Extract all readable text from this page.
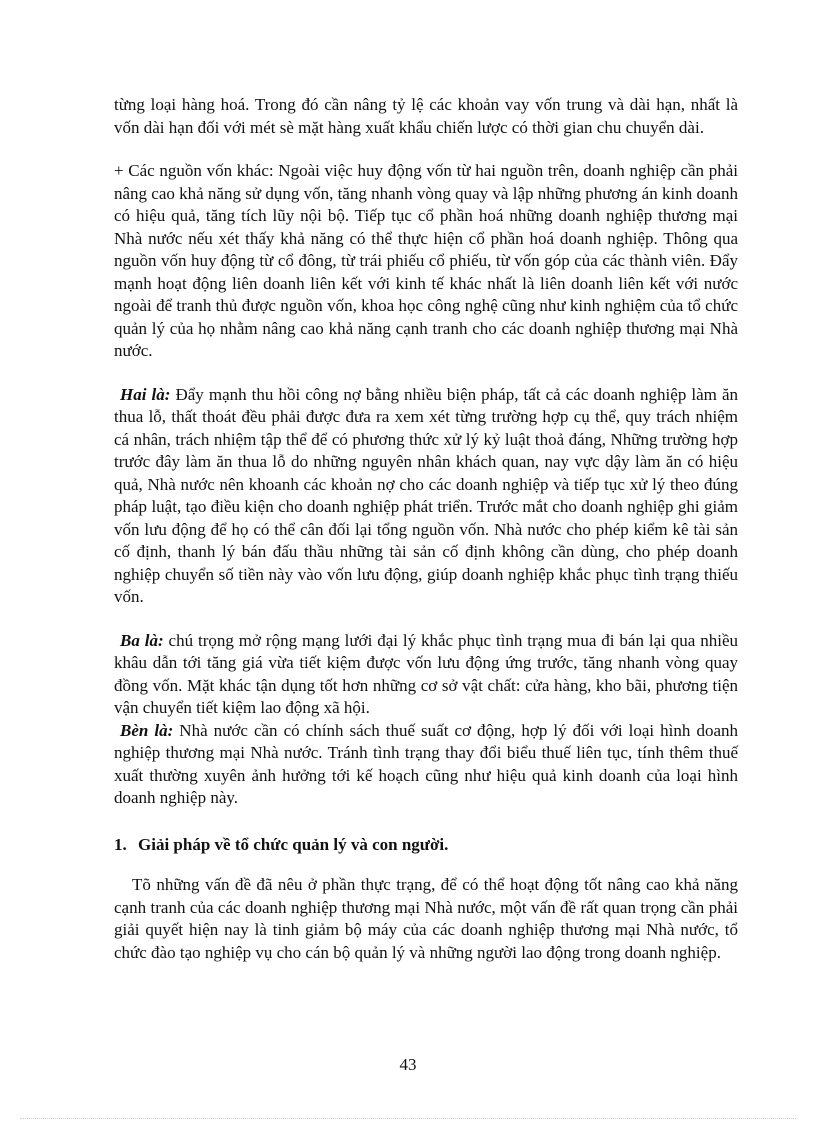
từng loại hàng hoá. Trong đó cần nâng tỷ lệ các khoản vay vốn trung và dài hạn, nhất là vốn dài hạn đối với mét sè mặt hàng xuất khẩu chiến lược có thời gian chu chuyển dài.

+ Các nguồn vốn khác: Ngoài việc huy động vốn từ hai nguồn trên, doanh nghiệp cần phải nâng cao khả năng sử dụng vốn, tăng nhanh vòng quay và lập những phương án kinh doanh có hiệu quả, tăng tích lũy nội bộ. Tiếp tục cổ phần hoá những doanh nghiệp thương mại Nhà nước nếu xét thấy khả năng có thể thực hiện cổ phần hoá doanh nghiệp. Thông qua nguồn vốn huy động từ cổ đông, từ trái phiếu cổ phiếu, từ vốn góp của các thành viên. Đẩy mạnh hoạt động liên doanh liên kết với kinh tế khác nhất là liên doanh liên kết với nước ngoài để tranh thủ được nguồn vốn, khoa học công nghệ cũng như kinh nghiệm của tổ chức quản lý của họ nhằm nâng cao khả năng cạnh tranh cho các doanh nghiệp thương mại Nhà nước.

Hai là: Đẩy mạnh thu hồi công nợ bằng nhiều biện pháp, tất cả các doanh nghiệp làm ăn thua lỗ, thất thoát đều phải được đưa ra xem xét từng trường hợp cụ thể, quy trách nhiệm cá nhân, trách nhiệm tập thể để có phương thức xử lý kỷ luật thoả đáng, Những trường hợp trước đây làm ăn thua lỗ do những nguyên nhân khách quan, nay vực dậy làm ăn có hiệu quả, Nhà nước nên khoanh các khoản nợ cho các doanh nghiệp và tiếp tục xử lý theo đúng pháp luật, tạo điều kiện cho doanh nghiệp phát triển. Trước mắt cho doanh nghiệp ghi giảm vốn lưu động để họ có thể cân đối lại tổng nguồn vốn. Nhà nước cho phép kiểm kê tài sản cố định, thanh lý bán đấu thầu những tài sản cố định không cần dùng, cho phép doanh nghiệp chuyển số tiền này vào vốn lưu động, giúp doanh nghiệp khắc phục tình trạng thiếu vốn.

Ba là: chú trọng mở rộng mạng lưới đại lý khắc phục tình trạng mua đi bán lại qua nhiều khâu dẫn tới tăng giá vừa tiết kiệm được vốn lưu động ứng trước, tăng nhanh vòng quay đồng vốn. Mặt khác tận dụng tốt hơn những cơ sở vật chất: cửa hàng, kho bãi, phương tiện vận chuyển tiết kiệm lao động xã hội.

Bèn là: Nhà nước cần có chính sách thuế suất cơ động, hợp lý đối với loại hình doanh nghiệp thương mại Nhà nước. Tránh tình trạng thay đổi biểu thuế liên tục, tính thêm thuế xuất thường xuyên ảnh hưởng tới kế hoạch cũng như hiệu quả kinh doanh của loại hình doanh nghiệp này.

1. Giải pháp về tổ chức quản lý và con người.

Tõ những vấn đề đã nêu ở phần thực trạng, để có thể hoạt động tốt nâng cao khả năng cạnh tranh của các doanh nghiệp thương mại Nhà nước, một vấn đề rất quan trọng cần phải giải quyết hiện nay là tinh giảm bộ máy của các doanh nghiệp thương mại Nhà nước, tổ chức đào tạo nghiệp vụ cho cán bộ quản lý và những người lao động trong doanh nghiệp.

43
